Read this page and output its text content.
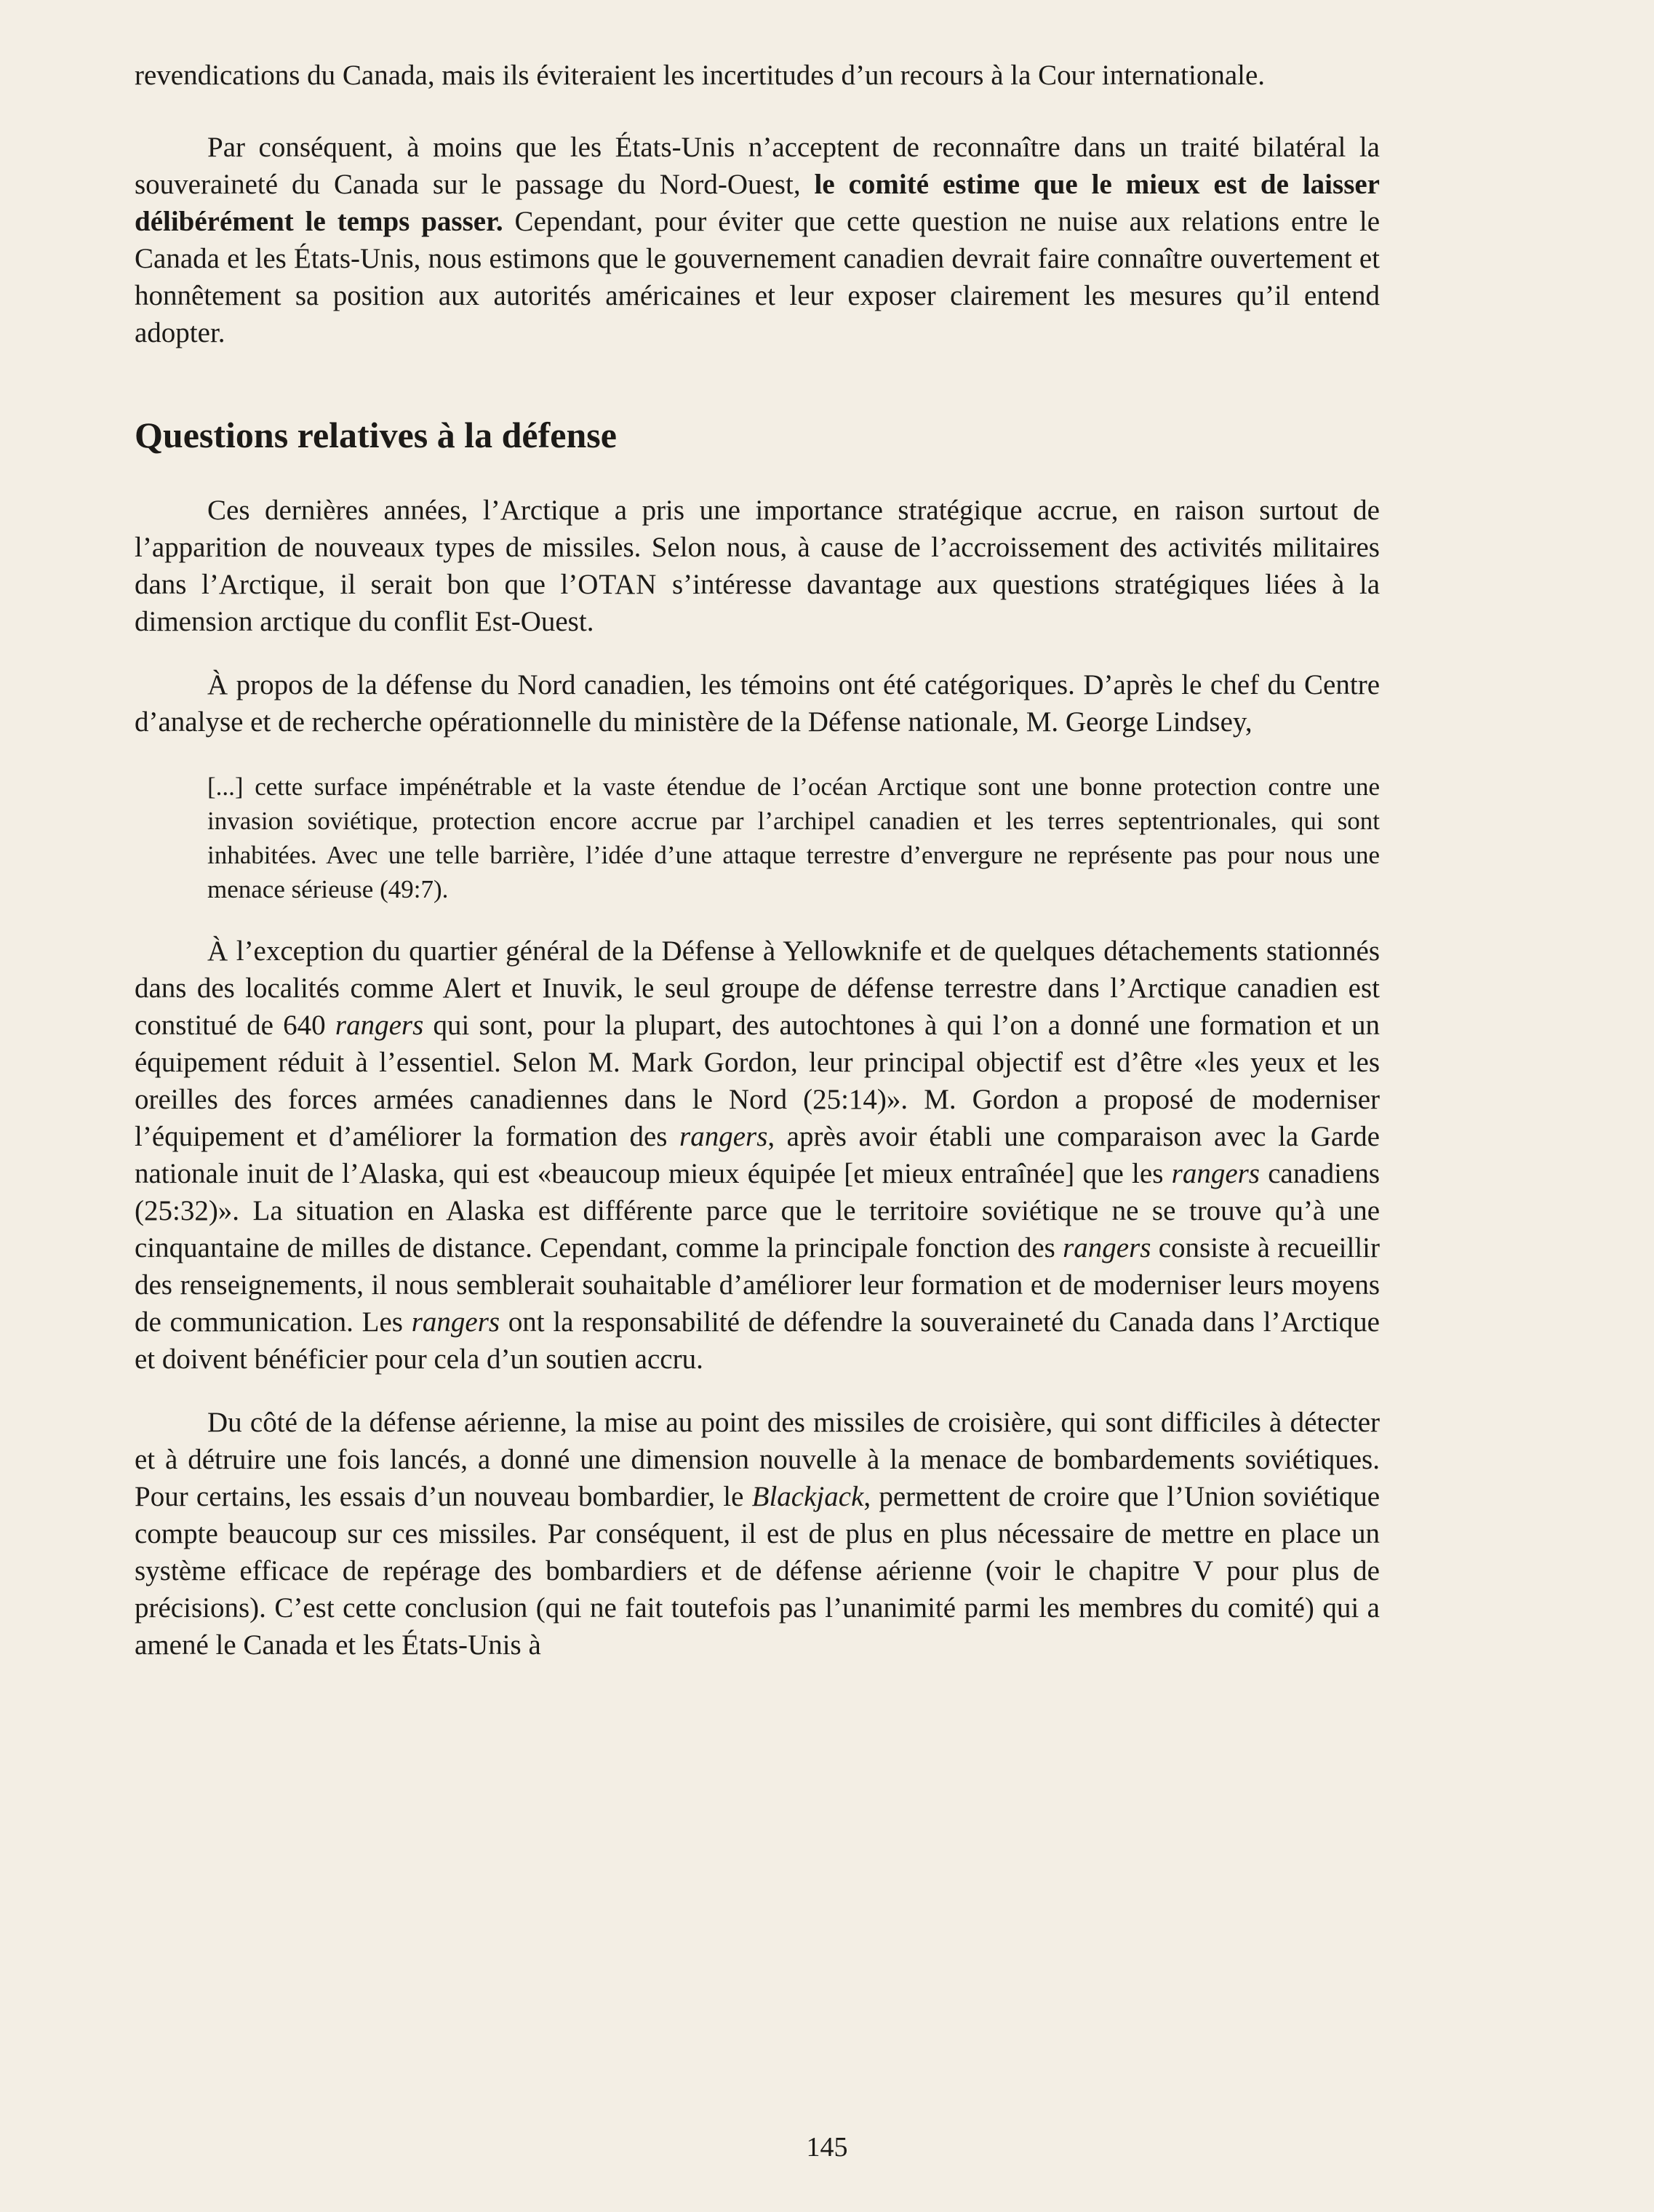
revendications du Canada, mais ils éviteraient les incertitudes d’un recours à la Cour internationale.

Par conséquent, à moins que les États-Unis n’acceptent de reconnaître dans un traité bilatéral la souveraineté du Canada sur le passage du Nord-Ouest, le comité estime que le mieux est de laisser délibérément le temps passer. Cependant, pour éviter que cette question ne nuise aux relations entre le Canada et les États-Unis, nous estimons que le gouvernement canadien devrait faire connaître ouvertement et honnêtement sa position aux autorités américaines et leur exposer clairement les mesures qu’il entend adopter.

Questions relatives à la défense

Ces dernières années, l’Arctique a pris une importance stratégique accrue, en raison surtout de l’apparition de nouveaux types de missiles. Selon nous, à cause de l’accroissement des activités militaires dans l’Arctique, il serait bon que l’OTAN s’intéresse davantage aux questions stratégiques liées à la dimension arctique du conflit Est-Ouest.

À propos de la défense du Nord canadien, les témoins ont été catégoriques. D’après le chef du Centre d’analyse et de recherche opérationnelle du ministère de la Défense nationale, M. George Lindsey,

[...] cette surface impénétrable et la vaste étendue de l’océan Arctique sont une bonne protection contre une invasion soviétique, protection encore accrue par l’archipel canadien et les terres septentrionales, qui sont inhabitées. Avec une telle barrière, l’idée d’une attaque terrestre d’envergure ne représente pas pour nous une menace sérieuse (49:7).

À l’exception du quartier général de la Défense à Yellowknife et de quelques détachements stationnés dans des localités comme Alert et Inuvik, le seul groupe de défense terrestre dans l’Arctique canadien est constitué de 640 rangers qui sont, pour la plupart, des autochtones à qui l’on a donné une formation et un équipement réduit à l’essentiel. Selon M. Mark Gordon, leur principal objectif est d’être «les yeux et les oreilles des forces armées canadiennes dans le Nord (25:14)». M. Gordon a proposé de moderniser l’équipement et d’améliorer la formation des rangers, après avoir établi une comparaison avec la Garde nationale inuit de l’Alaska, qui est «beaucoup mieux équipée [et mieux entraînée] que les rangers canadiens (25:32)». La situation en Alaska est différente parce que le territoire soviétique ne se trouve qu’à une cinquantaine de milles de distance. Cependant, comme la principale fonction des rangers consiste à recueillir des renseignements, il nous semblerait souhaitable d’améliorer leur formation et de moderniser leurs moyens de communication. Les rangers ont la responsabilité de défendre la souveraineté du Canada dans l’Arctique et doivent bénéficier pour cela d’un soutien accru.

Du côté de la défense aérienne, la mise au point des missiles de croisière, qui sont difficiles à détecter et à détruire une fois lancés, a donné une dimension nouvelle à la menace de bombardements soviétiques. Pour certains, les essais d’un nouveau bombardier, le Blackjack, permettent de croire que l’Union soviétique compte beaucoup sur ces missiles. Par conséquent, il est de plus en plus nécessaire de mettre en place un système efficace de repérage des bombardiers et de défense aérienne (voir le chapitre V pour plus de précisions). C’est cette conclusion (qui ne fait toutefois pas l’unanimité parmi les membres du comité) qui a amené le Canada et les États-Unis à

145
